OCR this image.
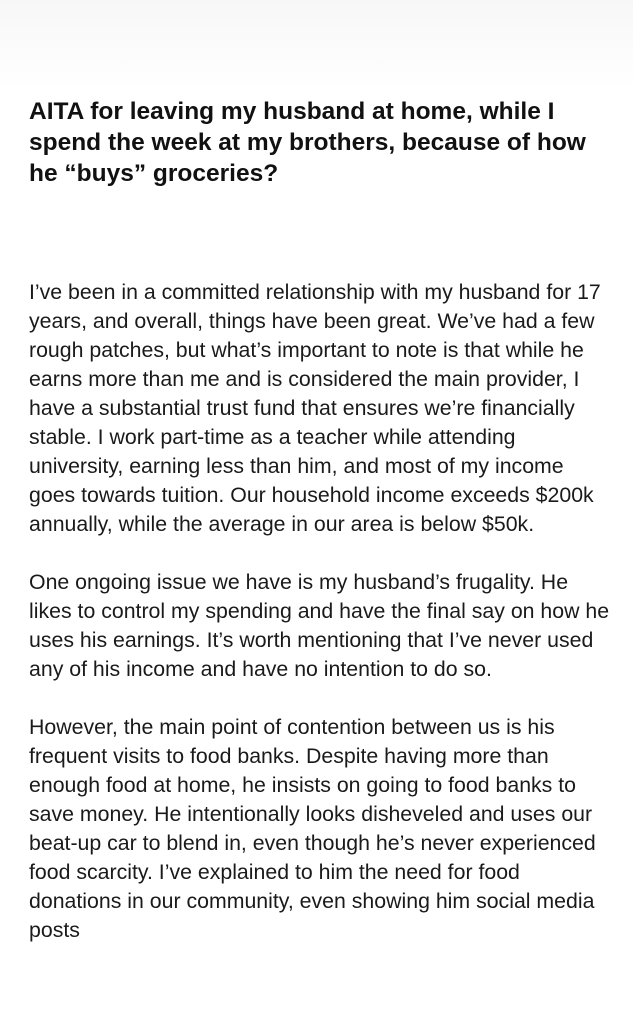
AITA for leaving my husband at home, while I spend the week at my brothers, because of how he “buys” groceries?

I’ve been in a committed relationship with my husband for 17 years, and overall, things have been great. We’ve had a few rough patches, but what’s important to note is that while he earns more than me and is considered the main provider, I have a substantial trust fund that ensures we’re financially stable. I work part-time as a teacher while attending university, earning less than him, and most of my income goes towards tuition. Our household income exceeds $200k annually, while the average in our area is below $50k.

One ongoing issue we have is my husband’s frugality. He likes to control my spending and have the final say on how he uses his earnings. It’s worth mentioning that I’ve never used any of his income and have no intention to do so.

However, the main point of contention between us is his frequent visits to food banks. Despite having more than enough food at home, he insists on going to food banks to save money. He intentionally looks disheveled and uses our beat-up car to blend in, even though he’s never experienced food scarcity. I’ve explained to him the need for food donations in our community, even showing him social media posts
